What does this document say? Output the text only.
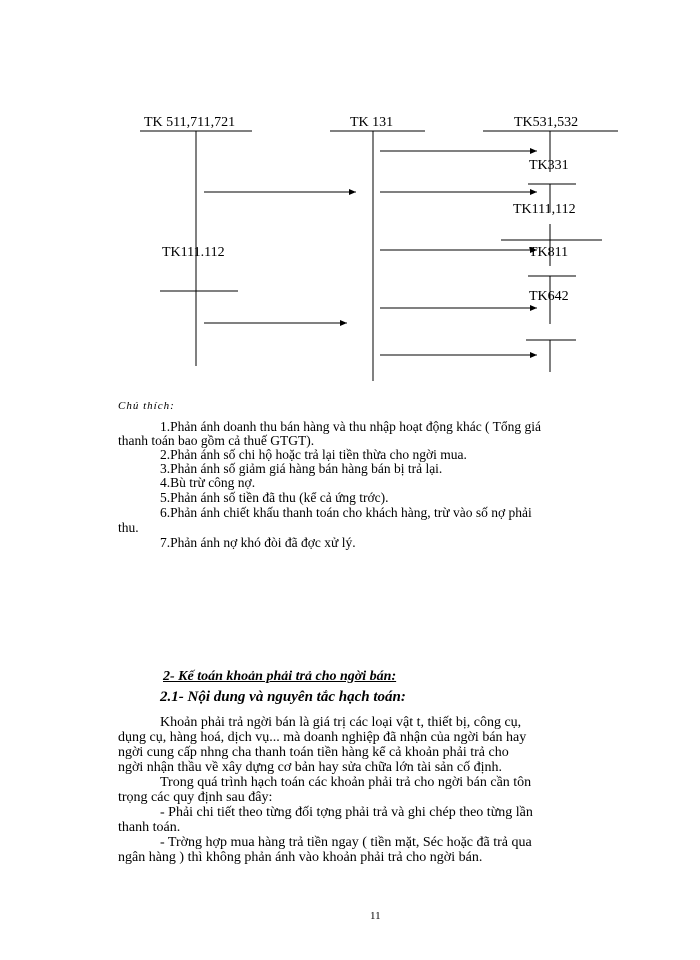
TK 511,711,721	TK 131	TK531,532
TK331
TK111,112
TK111.112	TK811
TK642
Chú thích:
1.Phản ánh doanh thu bán hàng và thu nhập hoạt động khác ( Tổng giá
thanh toán bao gồm cả thuế GTGT).
2.Phản ánh số chi hộ hoặc trả lại tiền thừa cho ngời mua.
3.Phản ánh số giảm giá hàng bán hàng bán bị trả lại.
4.Bù trừ công nợ.
5.Phản ánh số tiền đã thu (kể cả ứng trớc).
6.Phản ánh chiết khấu thanh toán cho khách hàng, trừ vào số nợ phải
thu.
7.Phản ánh nợ khó đòi đã đợc xử lý.
2- Kế toán khoản phải trả cho ngời bán:
2.1- Nội dung và nguyên tắc hạch toán:
Khoản phải trả ngời bán là giá trị các loại vật t, thiết bị, công cụ,
dụng cụ, hàng hoá, dịch vụ... mà doanh nghiệp đã nhận của ngời bán hay
ngời cung cấp nhng cha thanh toán tiền hàng kể cả khoản phải trả cho
ngời nhận thầu về xây dựng cơ bản hay sửa chữa lớn tài sản cố định.
Trong quá trình hạch toán các khoản phải trả cho ngời bán cần tôn
trọng các quy định sau đây:
- Phải chi tiết theo từng đối tợng phải trả và ghi chép theo từng lần
thanh toán.
- Trờng hợp mua hàng trả tiền ngay ( tiền mặt, Séc hoặc đã trả qua
ngân hàng ) thì không phản ánh vào khoản phải trả cho ngời bán.
11
